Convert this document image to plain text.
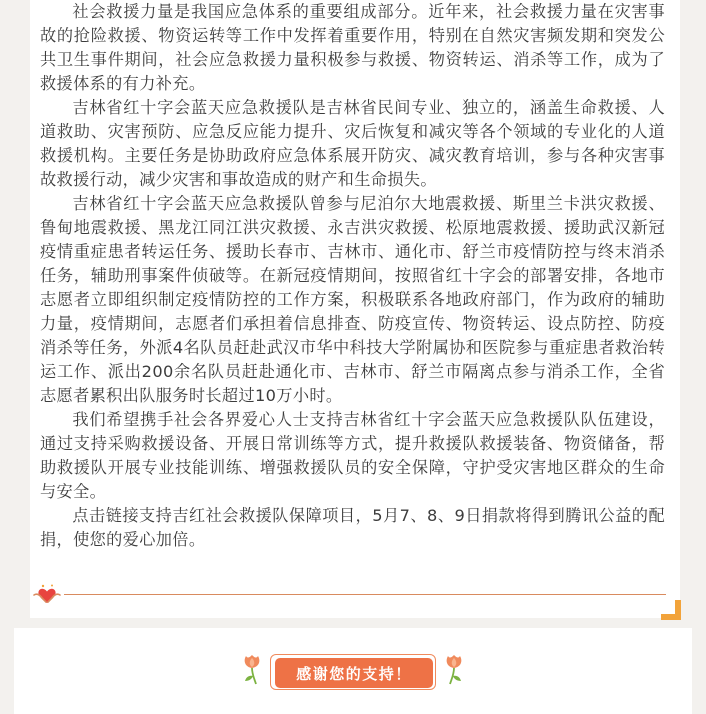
社会救援力量是我国应急体系的重要组成部分。近年来，社会救援力量在灾害事故的抢险救援、物资运转等工作中发挥着重要作用，特别在自然灾害频发期和突发公共卫生事件期间，社会应急救援力量积极参与救援、物资转运、消杀等工作，成为了救援体系的有力补充。

吉林省红十字会蓝天应急救援队是吉林省民间专业、独立的，涵盖生命救援、人道救助、灾害预防、应急反应能力提升、灾后恢复和减灾等各个领域的专业化的人道救援机构。主要任务是协助政府应急体系展开防灾、减灾教育培训，参与各种灾害事故救援行动，减少灾害和事故造成的财产和生命损失。

吉林省红十字会蓝天应急救援队曾参与尼泊尔大地震救援、斯里兰卡洪灾救援、鲁甸地震救援、黑龙江同江洪灾救援、永吉洪灾救援、松原地震救援、援助武汉新冠疫情重症患者转运任务、援助长春市、吉林市、通化市、舒兰市疫情防控与终末消杀任务，辅助刑事案件侦破等。在新冠疫情期间，按照省红十字会的部署安排，各地市志愿者立即组织制定疫情防控的工作方案，积极联系各地政府部门，作为政府的辅助力量，疫情期间，志愿者们承担着信息排查、防疫宣传、物资转运、设点防控、防疫消杀等任务，外派4名队员赶赴武汉市华中科技大学附属协和医院参与重症患者救治转运工作、派出200余名队员赶赴通化市、吉林市、舒兰市隔离点参与消杀工作，全省志愿者累积出队服务时长超过10万小时。

我们希望携手社会各界爱心人士支持吉林省红十字会蓝天应急救援队队伍建设，通过支持采购救援设备、开展日常训练等方式，提升救援队救援装备、物资储备，帮助救援队开展专业技能训练、增强救援队员的安全保障，守护受灾害地区群众的生命与安全。

点击链接支持吉红社会救援队保障项目，5月7、8、9日捐款将得到腾讯公益的配捐，使您的爱心加倍。

感谢您的支持！
